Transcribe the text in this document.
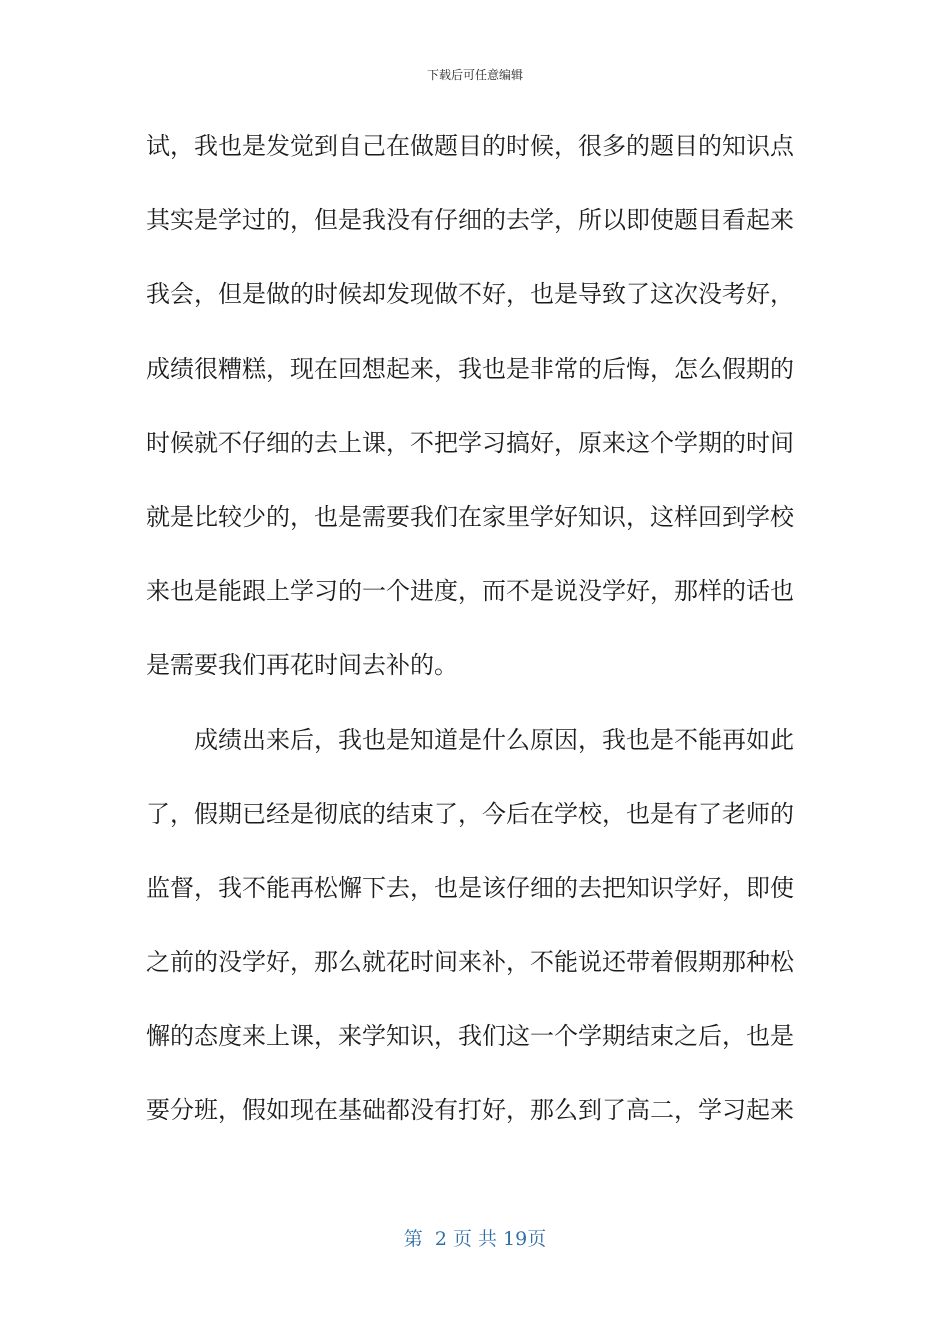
下载后可任意编辑
试，我也是发觉到自己在做题目的时候，很多的题目的知识点
其实是学过的，但是我没有仔细的去学，所以即使题目看起来
我会，但是做的时候却发现做不好，也是导致了这次没考好，
成绩很糟糕，现在回想起来，我也是非常的后悔，怎么假期的
时候就不仔细的去上课，不把学习搞好，原来这个学期的时间
就是比较少的，也是需要我们在家里学好知识，这样回到学校
来也是能跟上学习的一个进度，而不是说没学好，那样的话也
是需要我们再花时间去补的。
成绩出来后，我也是知道是什么原因，我也是不能再如此
了，假期已经是彻底的结束了，今后在学校，也是有了老师的
监督，我不能再松懈下去，也是该仔细的去把知识学好，即使
之前的没学好，那么就花时间来补，不能说还带着假期那种松
懈的态度来上课，来学知识，我们这一个学期结束之后，也是
要分班，假如现在基础都没有打好，那么到了高二，学习起来
第  2 页 共 19页
